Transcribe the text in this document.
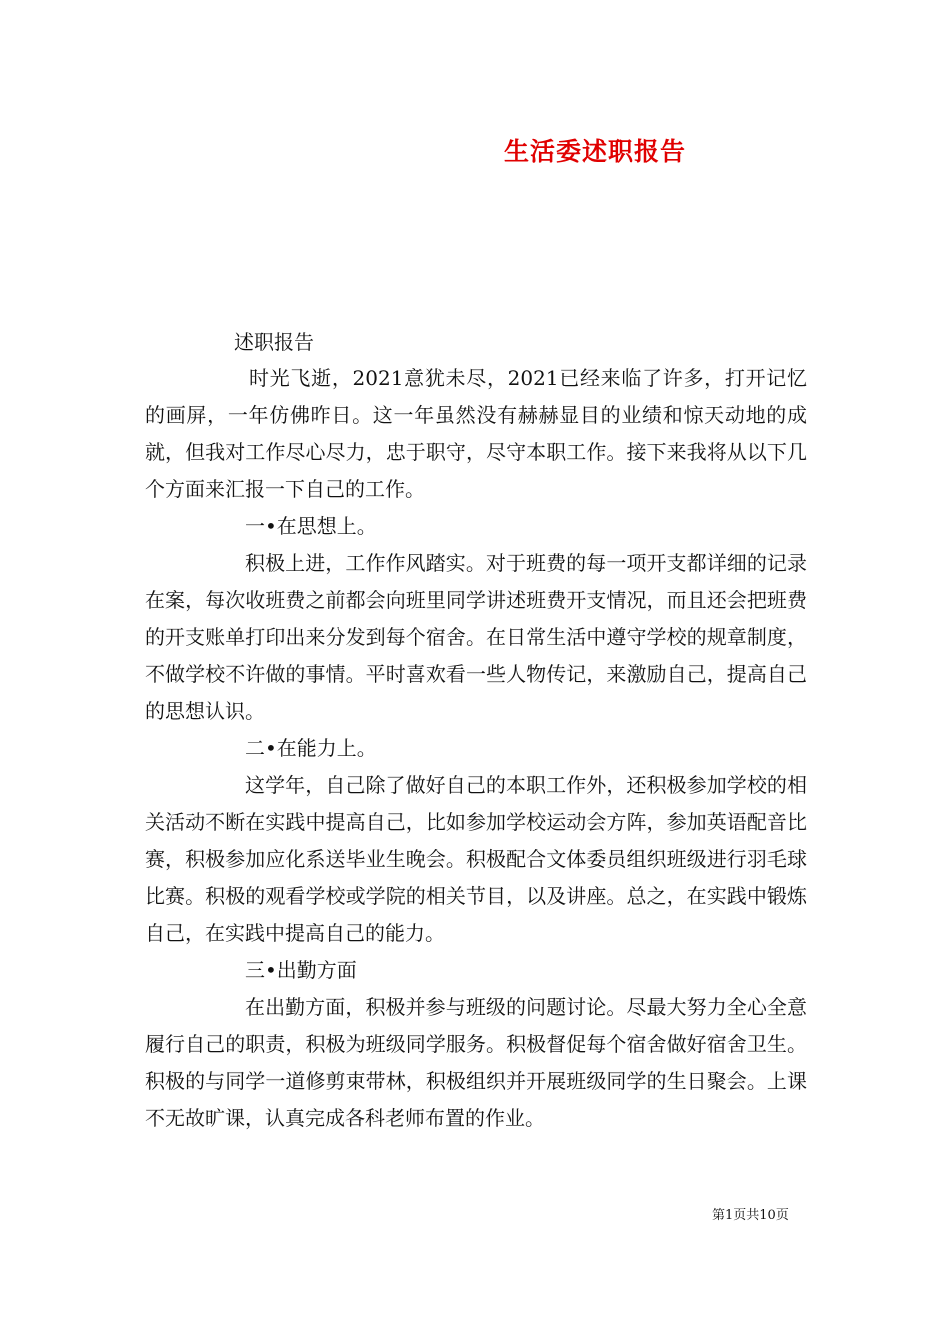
生活委述职报告
述职报告

时光飞逝，2021意犹未尽，2021已经来临了许多，打开记忆的画屏，一年仿佛昨日。这一年虽然没有赫赫显目的业绩和惊天动地的成就，但我对工作尽心尽力，忠于职守，尽守本职工作。接下来我将从以下几个方面来汇报一下自己的工作。

一•在思想上。

积极上进，工作作风踏实。对于班费的每一项开支都详细的记录在案，每次收班费之前都会向班里同学讲述班费开支情况，而且还会把班费的开支账单打印出来分发到每个宿舍。在日常生活中遵守学校的规章制度，不做学校不许做的事情。平时喜欢看一些人物传记，来激励自己，提高自己的思想认识。

二•在能力上。

这学年，自己除了做好自己的本职工作外，还积极参加学校的相关活动不断在实践中提高自己，比如参加学校运动会方阵，参加英语配音比赛，积极参加应化系送毕业生晚会。积极配合文体委员组织班级进行羽毛球比赛。积极的观看学校或学院的相关节目，以及讲座。总之，在实践中锻炼自己，在实践中提高自己的能力。

三•出勤方面

在出勤方面，积极并参与班级的问题讨论。尽最大努力全心全意履行自己的职责，积极为班级同学服务。积极督促每个宿舍做好宿舍卫生。积极的与同学一道修剪束带林，积极组织并开展班级同学的生日聚会。上课不无故旷课，认真完成各科老师布置的作业。

第1页共10页
